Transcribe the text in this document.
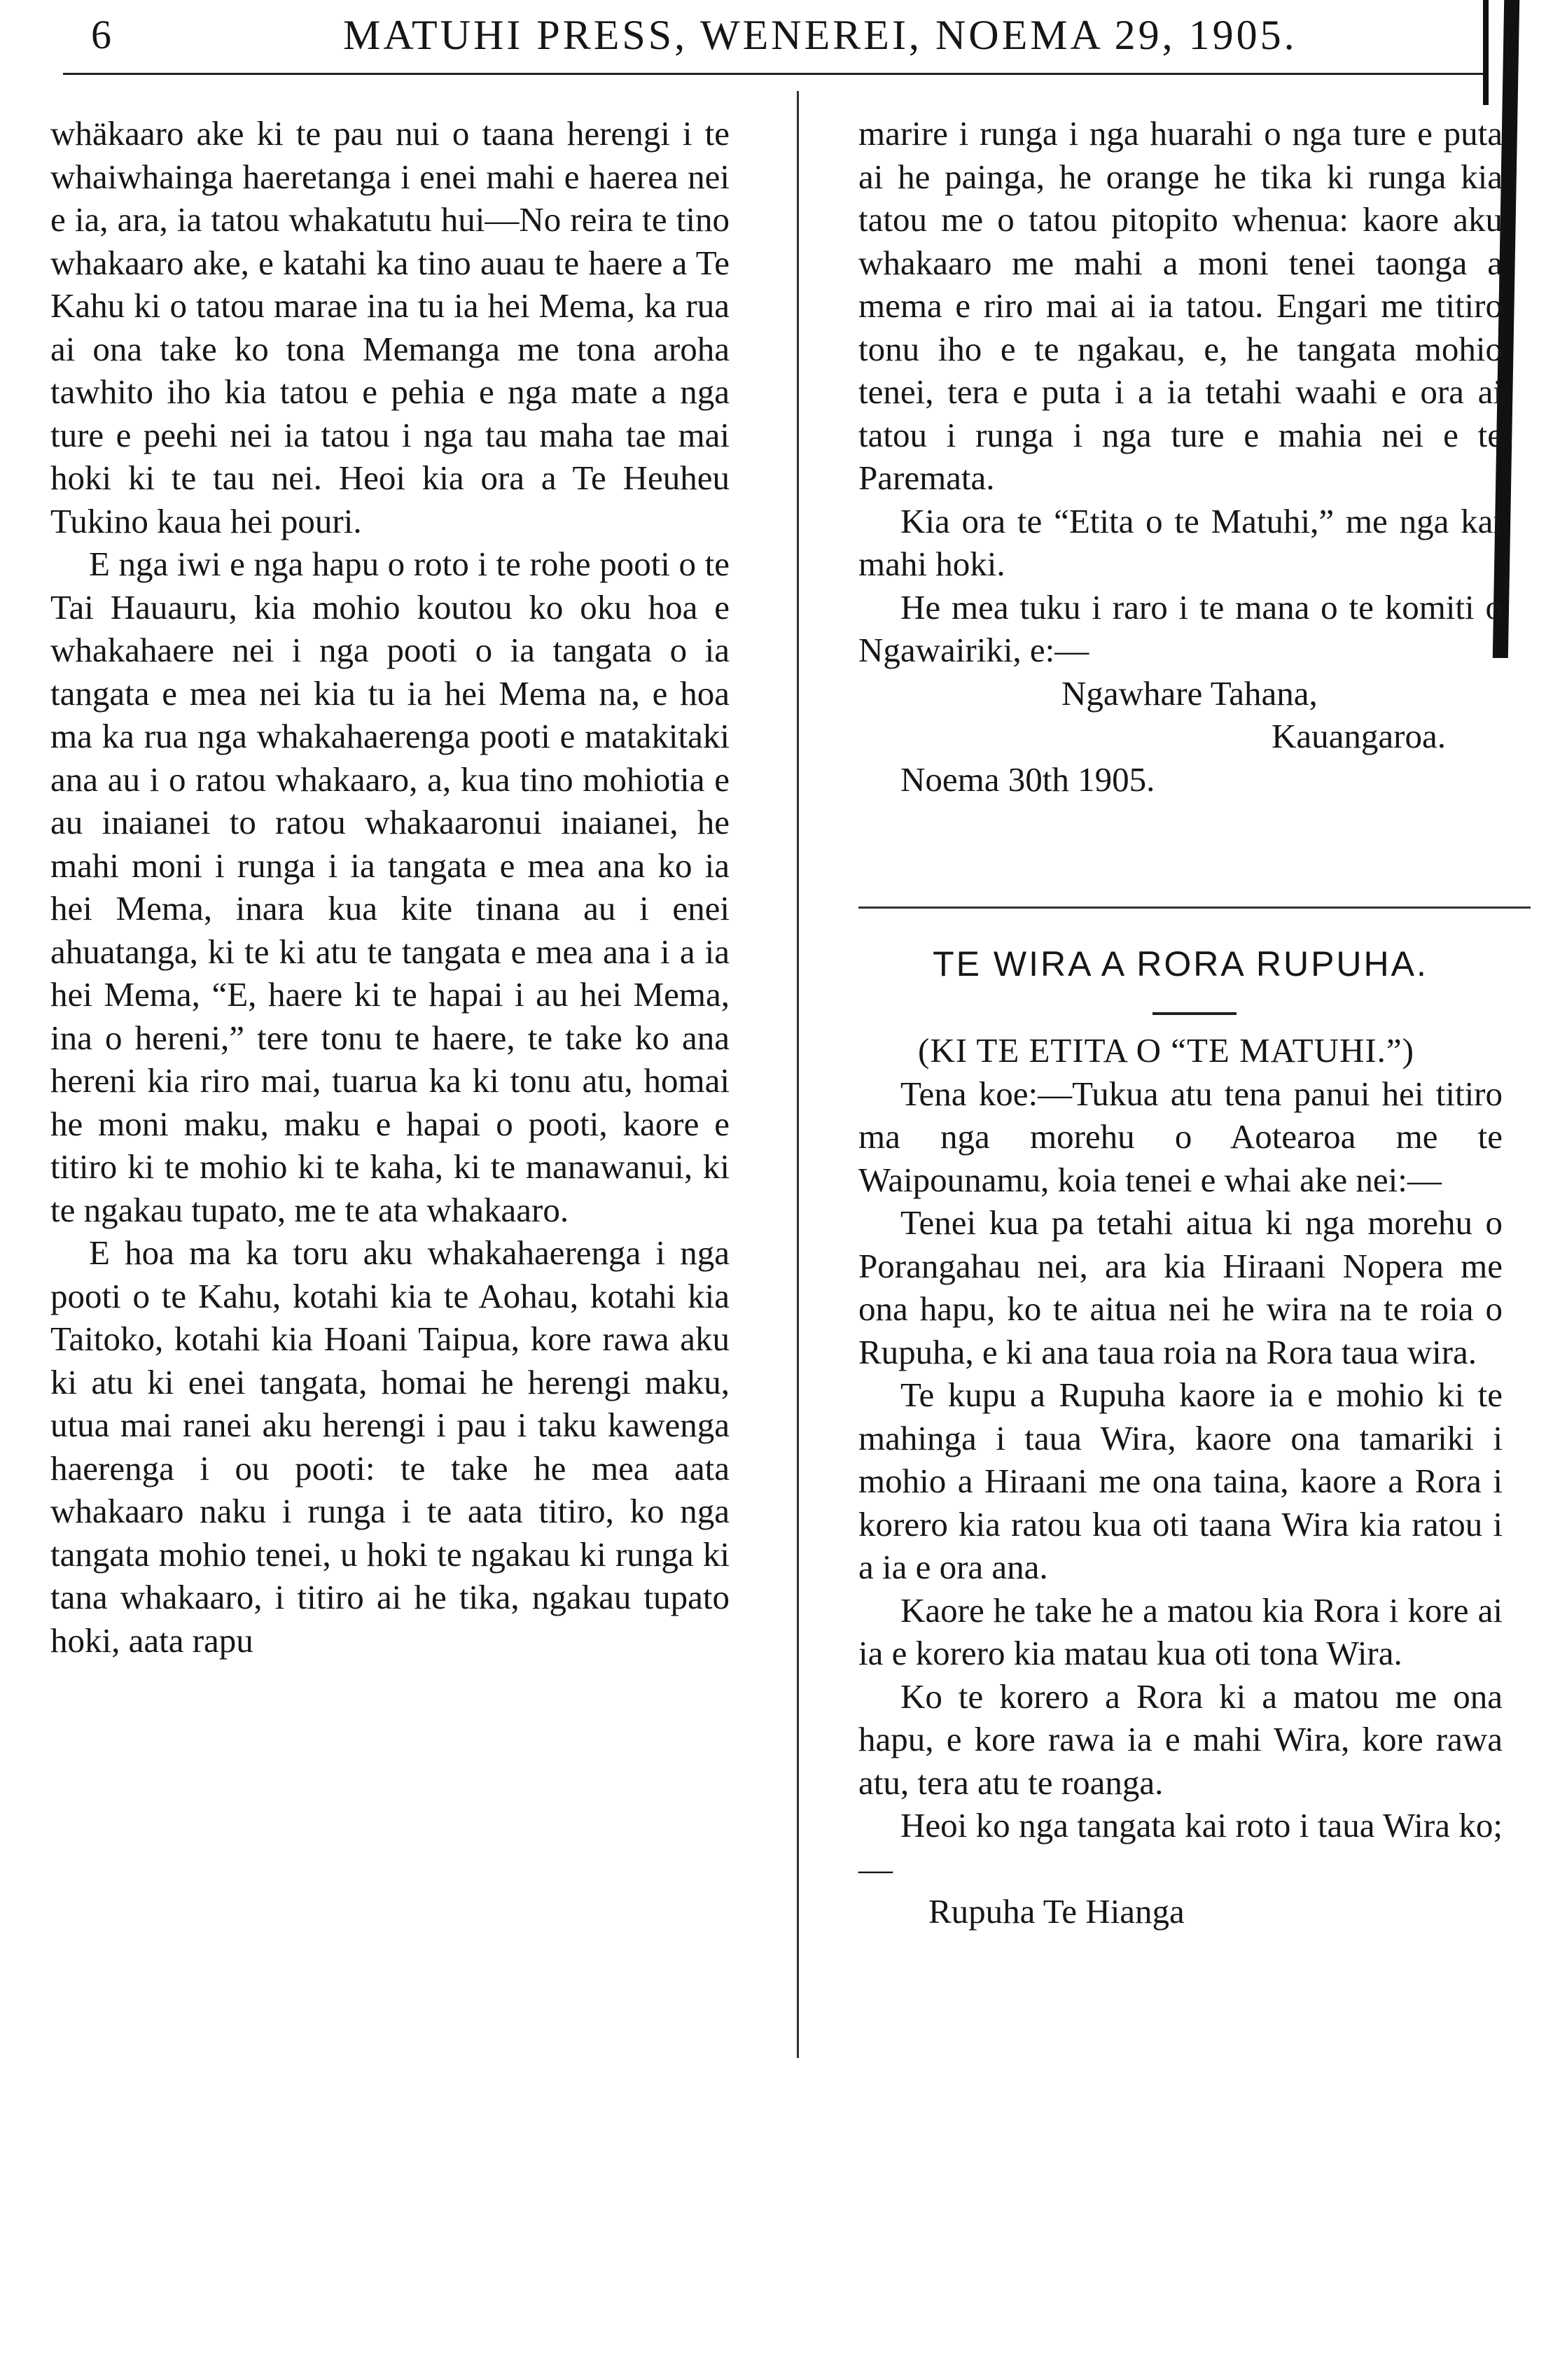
6	MATUHI PRESS, WENEREI, NOEMA 29, 1905.

whäkaaro ake ki te pau nui o taana herengi i te whaiwhainga haeretanga i enei mahi e haerea nei e ia, ara, ia tatou whakatutu hui—No reira te tino whakaaro ake, e katahi ka tino auau te haere a Te Kahu ki o tatou marae ina tu ia hei Mema, ka rua ai ona take ko tona Memanga me tona aroha tawhito iho kia tatou e pehia e nga mate a nga ture e peehi nei ia tatou i nga tau maha tae mai hoki ki te tau nei. Heoi kia ora a Te Heuheu Tukino kaua hei pouri.

E nga iwi e nga hapu o roto i te rohe pooti o te Tai Hauauru, kia mohio koutou ko oku hoa e whakahaere nei i nga pooti o ia tangata o ia tangata e mea nei kia tu ia hei Mema na, e hoa ma ka rua nga whakahaerenga pooti e matakitaki ana au i o ratou whakaaro, a, kua tino mohiotia e au inaianei to ratou whakaaronui inaianei, he mahi moni i runga i ia tangata e mea ana ko ia hei Mema, inara kua kite tinana au i enei ahuatanga, ki te ki atu te tangata e mea ana i a ia hei Mema, “E, haere ki te hapai i au hei Mema, ina o hereni,” tere tonu te haere, te take ko ana hereni kia riro mai, tuarua ka ki tonu atu, homai he moni maku, maku e hapai o pooti, kaore e titiro ki te mohio ki te kaha, ki te manawanui, ki te ngakau tupato, me te ata whakaaro.

E hoa ma ka toru aku whakahaerenga i nga pooti o te Kahu, kotahi kia te Aohau, kotahi kia Taitoko, kotahi kia Hoani Taipua, kore rawa aku ki atu ki enei tangata, homai he herengi maku, utua mai ranei aku herengi i pau i taku kawenga haerenga i ou pooti: te take he mea aata whakaaro naku i runga i te aata titiro, ko nga tangata mohio tenei, u hoki te ngakau ki runga ki tana whakaaro, i titiro ai he tika, ngakau tupato hoki, aata rapu

marire i runga i nga huarahi o nga ture e puta ai he painga, he orange he tika ki runga kia tatou me o tatou pitopito whenua: kaore aku whakaaro me mahi a moni tenei taonga a mema e riro mai ai ia tatou. Engari me titiro tonu iho e te ngakau, e, he tangata mohio tenei, tera e puta i a ia tetahi waahi e ora ai tatou i runga i nga ture e mahia nei e te Paremata.

Kia ora te “Etita o te Matuhi,” me nga kai mahi hoki.

He mea tuku i raro i te mana o te komiti o Ngawairiki, e:—

Ngawhare Tahana,

Kauangaroa.

Noema 30th 1905.

TE WIRA A RORA RUPUHA.

(KI TE ETITA O “TE MATUHI.”)

Tena koe:—Tukua atu tena panui hei titiro ma nga morehu o Aotearoa me te Waipounamu, koia tenei e whai ake nei:—

Tenei kua pa tetahi aitua ki nga morehu o Porangahau nei, ara kia Hiraani Nopera me ona hapu, ko te aitua nei he wira na te roia o Rupuha, e ki ana taua roia na Rora taua wira.

Te kupu a Rupuha kaore ia e mohio ki te mahinga i taua Wira, kaore ona tamariki i mohio a Hiraani me ona taina, kaore a Rora i korero kia ratou kua oti taana Wira kia ratou i a ia e ora ana.

Kaore he take he a matou kia Rora i kore ai ia e korero kia matau kua oti tona Wira.

Ko te korero a Rora ki a matou me ona hapu, e kore rawa ia e mahi Wira, kore rawa atu, tera atu te roanga.

Heoi ko nga tangata kai roto i taua Wira ko;—

Rupuha Te Hianga
